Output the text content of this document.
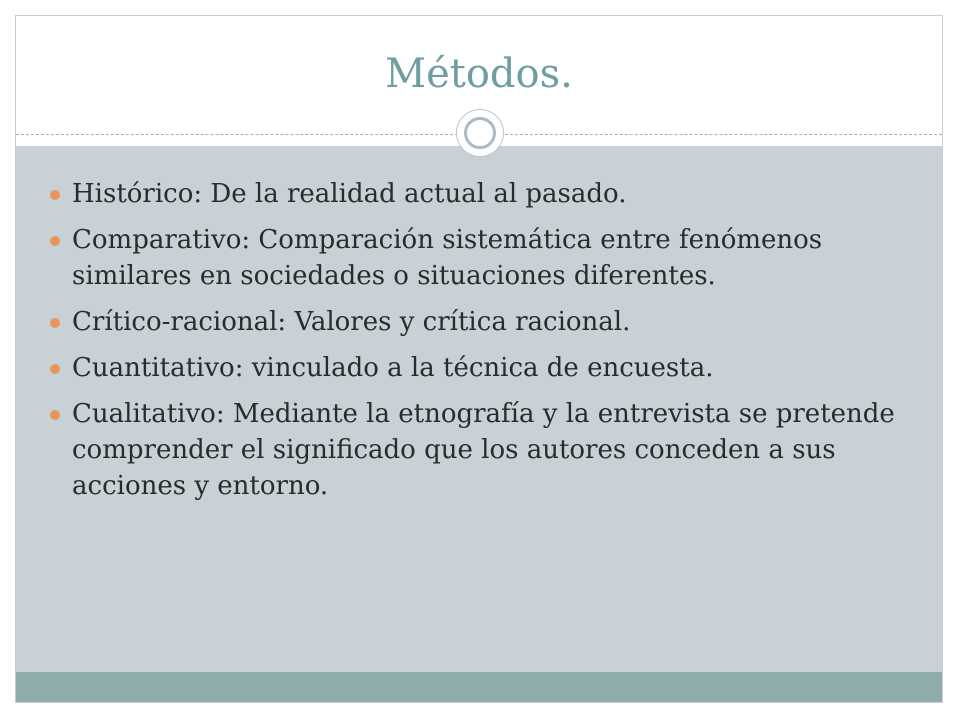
Métodos.
Histórico: De la realidad actual al pasado.
Comparativo: Comparación sistemática entre fenómenos similares en sociedades o situaciones diferentes.
Crítico-racional: Valores y crítica racional.
Cuantitativo: vinculado a la técnica de encuesta.
Cualitativo: Mediante la etnografía y la entrevista se pretende comprender el significado que los autores conceden a sus acciones y entorno.
